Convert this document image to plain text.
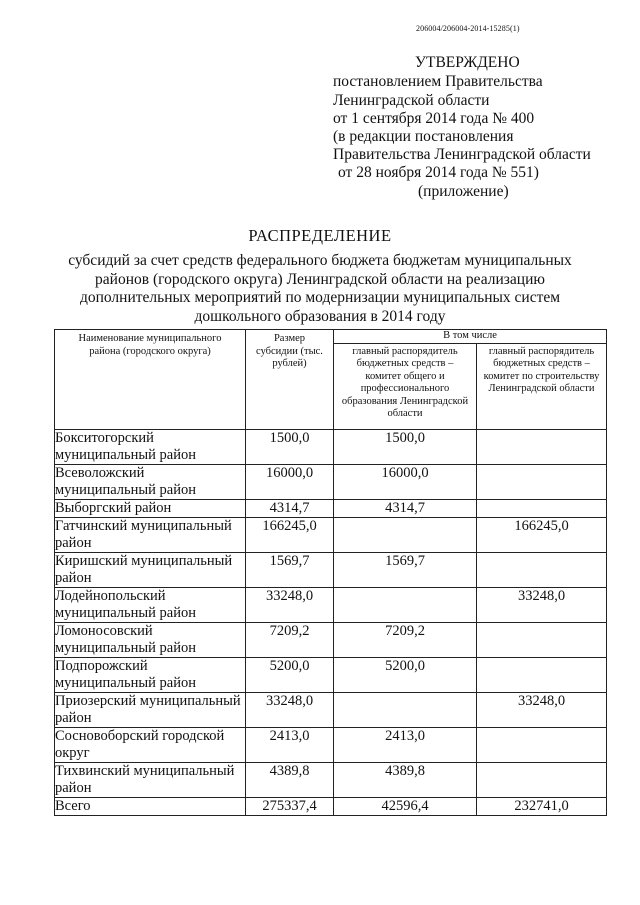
206004/206004-2014-15285(1)
УТВЕРЖДЕНО
постановлением Правительства
Ленинградской области
от 1 сентября 2014 года № 400
(в редакции постановления
Правительства Ленинградской области
от 28 ноября 2014 года № 551)
(приложение)
РАСПРЕДЕЛЕНИЕ
субсидий за счет средств федерального бюджета бюджетам муниципальных
районов (городского округа) Ленинградской области на реализацию
дополнительных мероприятий по модернизации муниципальных систем
дошкольного образования в 2014 году
Наименование муниципального района (городского округа)	Размер субсидии (тыс. рублей)	В том числе	
		главный распорядитель бюджетных средств – комитет общего и профессионального образования Ленинградской области	главный распорядитель бюджетных средств – комитет по строительству Ленинградской области
Бокситогорский муниципальный район	1500,0	1500,0	
Всеволожский муниципальный район	16000,0	16000,0	
Выборгский район	4314,7	4314,7	
Гатчинский муниципальный район	166245,0		166245,0
Киришский муниципальный район	1569,7	1569,7	
Лодейнопольский муниципальный район	33248,0		33248,0
Ломоносовский муниципальный район	7209,2	7209,2	
Подпорожский муниципальный район	5200,0	5200,0	
Приозерский муниципальный район	33248,0		33248,0
Сосновоборский городской округ	2413,0	2413,0	
Тихвинский муниципальный район	4389,8	4389,8	
Всего	275337,4	42596,4	232741,0
